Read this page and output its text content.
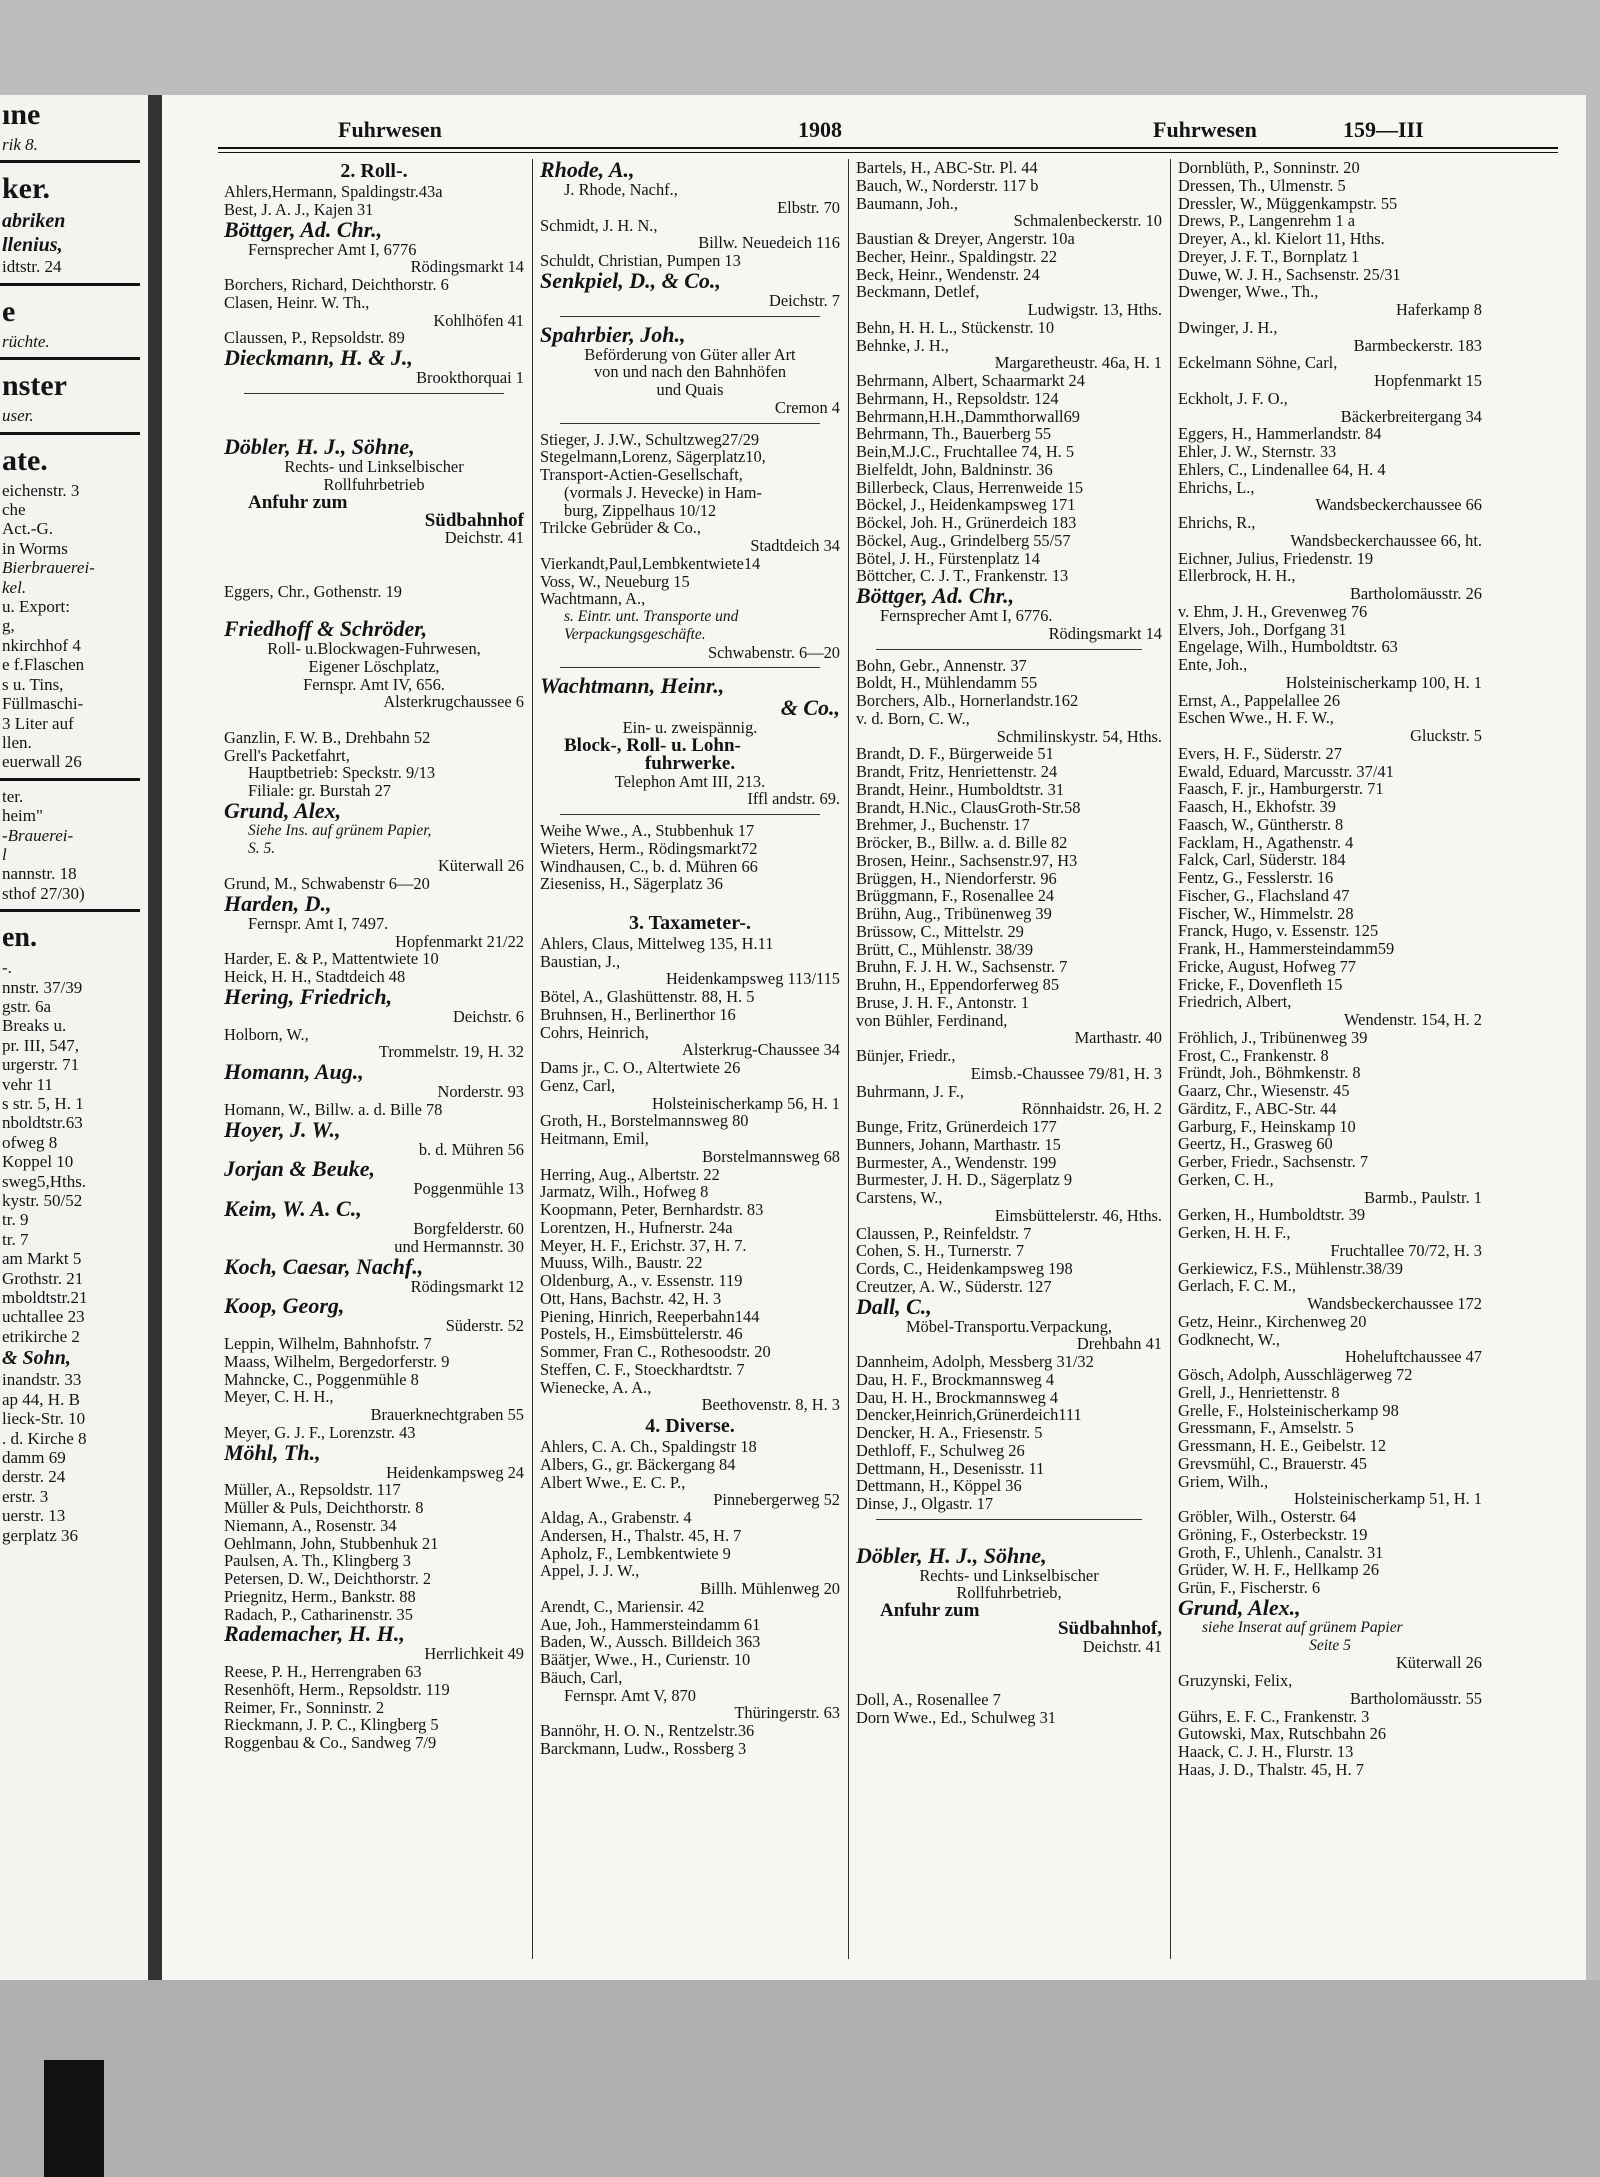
ıne
rik 8.
ker.
abriken
llenius,
idtstr. 24
e
rüchte.
nster
user.
ate.
eichenstr. 3
che
Act.-G.
in Worms
Bierbrauerei-
kel.
u. Export:
g,
nkirchhof 4
e f.Flaschen
s u. Tins,
Füllmaschi-
3 Liter auf
llen.
euerwall 26
ter.
heim"
-Brauerei-
l
nannstr. 18
sthof 27/30)
en.
-.
nnstr. 37/39
gstr. 6a
Breaks u.
pr. III, 547,
urgerstr. 71
vehr 11
s str. 5, H. 1
nboldtstr.63
ofweg 8
Koppel 10
sweg5,Hths.
kystr. 50/52
tr. 9
tr. 7
am Markt 5
Grothstr. 21
mboldtstr.21
uchtallee 23
etrikirche 2
& Sohn,
inandstr. 33
ap 44, H. B
lieck-Str. 10
. d. Kirche 8
damm 69
derstr. 24
erstr. 3
uerstr. 13
gerplatz 36
Fuhrwesen	1908	Fuhrwesen	159—III
2. Roll-.
Ahlers,Hermann, Spaldingstr.43a
Best, J. A. J., Kajen 31
Böttger, Ad. Chr.,
Fernsprecher Amt I, 6776
Rödingsmarkt 14
Borchers, Richard, Deichthorstr. 6
Clasen, Heinr. W. Th.,
Kohlhöfen 41
Claussen, P., Repsoldstr. 89
Dieckmann, H. & J.,
Brookthorquai 1

Döbler, H. J., Söhne,
Rechts- und Linkselbischer
Rollfuhrbetrieb
Anfuhr zum
Südbahnhof
Deichstr. 41

Eggers, Chr., Gothenstr. 19

Friedhoff & Schröder,
Roll- u.Blockwagen-Fuhrwesen,
Eigener Löschplatz,
Fernspr. Amt IV, 656.
Alsterkrugchaussee 6

Ganzlin, F. W. B., Drehbahn 52
Grell's Packetfahrt,
Hauptbetrieb: Speckstr. 9/13
Filiale: gr. Burstah 27
Grund, Alex,
Siehe Ins. auf grünem Papier,
S. 5.
Küterwall 26
Grund, M., Schwabenstr 6—20
Harden, D.,
Fernspr. Amt I, 7497.
Hopfenmarkt 21/22
Harder, E. & P., Mattentwiete 10
Heick, H. H., Stadtdeich 48
Hering, Friedrich,
Deichstr. 6
Holborn, W.,
Trommelstr. 19, H. 32
Homann, Aug.,
Norderstr. 93
Homann, W., Billw. a. d. Bille 78
Hoyer, J. W.,
b. d. Mühren 56
Jorjan & Beuke,
Poggenmühle 13
Keim, W. A. C.,
Borgfelderstr. 60
und Hermannstr. 30
Koch, Caesar, Nachf.,
Rödingsmarkt 12
Koop, Georg,
Süderstr. 52
Leppin, Wilhelm, Bahnhofstr. 7
Maass, Wilhelm, Bergedorferstr. 9
Mahncke, C., Poggenmühle 8
Meyer, C. H. H.,
Brauerknechtgraben 55
Meyer, G. J. F., Lorenzstr. 43
Möhl, Th.,
Heidenkampsweg 24
Müller, A., Repsoldstr. 117
Müller & Puls, Deichthorstr. 8
Niemann, A., Rosenstr. 34
Oehlmann, John, Stubbenhuk 21
Paulsen, A. Th., Klingberg 3
Petersen, D. W., Deichthorstr. 2
Priegnitz, Herm., Bankstr. 88
Radach, P., Catharinenstr. 35
Rademacher, H. H.,
Herrlichkeit 49
Reese, P. H., Herrengraben 63
Resenhöft, Herm., Repsoldstr. 119
Reimer, Fr., Sonninstr. 2
Rieckmann, J. P. C., Klingberg 5
Roggenbau & Co., Sandweg 7/9
Rhode, A.,
J. Rhode, Nachf.,
Elbstr. 70
Schmidt, J. H. N.,
Billw. Neuedeich 116
Schuldt, Christian, Pumpen 13
Senkpiel, D., & Co.,
Deichstr. 7
Spahrbier, Joh.,
Beförderung von Güter aller Art
von und nach den Bahnhöfen
und Quais
Cremon 4
Stieger, J. J.W., Schultzweg27/29
Stegelmann,Lorenz, Sägerplatz10,
Transport-Actien-Gesellschaft,
(vormals J. Hevecke) in Ham-
burg, Zippelhaus 10/12
Trilcke Gebrüder & Co.,
Stadtdeich 34
Vierkandt,Paul,Lembkentwiete14
Voss, W., Neueburg 15
Wachtmann, A.,
s. Eintr. unt. Transporte und
Verpackungsgeschäfte.
Schwabenstr. 6—20
Wachtmann, Heinr.,
& Co.,
Ein- u. zweispännig.
Block-, Roll- u. Lohn-
fuhrwerke.
Telephon Amt III, 213.
Iffl andstr. 69.
Weihe Wwe., A., Stubbenhuk 17
Wieters, Herm., Rödingsmarkt72
Windhausen, C., b. d. Mühren 66
Zieseniss, H., Sägerplatz 36

3. Taxameter-.
Ahlers, Claus, Mittelweg 135, H.11
Baustian, J.,
Heidenkampsweg 113/115
Bötel, A., Glashüttenstr. 88, H. 5
Bruhnsen, H., Berlinerthor 16
Cohrs, Heinrich,
Alsterkrug-Chaussee 34
Dams jr., C. O., Altertwiete 26
Genz, Carl,
Holsteinischerkamp 56, H. 1
Groth, H., Borstelmannsweg 80
Heitmann, Emil,
Borstelmannsweg 68
Herring, Aug., Albertstr. 22
Jarmatz, Wilh., Hofweg 8
Koopmann, Peter, Bernhardstr. 83
Lorentzen, H., Hufnerstr. 24a
Meyer, H. F., Erichstr. 37, H. 7.
Muuss, Wilh., Baustr. 22
Oldenburg, A., v. Essenstr. 119
Ott, Hans, Bachstr. 42, H. 3
Piening, Hinrich, Reeperbahn144
Postels, H., Eimsbüttelerstr. 46
Sommer, Fran C., Rothesoodstr. 20
Steffen, C. F., Stoeckhardtstr. 7
Wienecke, A. A.,
Beethovenstr. 8, H. 3
4. Diverse.
Ahlers, C. A. Ch., Spaldingstr 18
Albers, G., gr. Bäckergang 84
Albert Wwe., E. C. P.,
Pinnebergerweg 52
Aldag, A., Grabenstr. 4
Andersen, H., Thalstr. 45, H. 7
Apholz, F., Lembkentwiete 9
Appel, J. J. W.,
Billh. Mühlenweg 20
Arendt, C., Mariensir. 42
Aue, Joh., Hammersteindamm 61
Baden, W., Aussch. Billdeich 363
Bäätjer, Wwe., H., Curienstr. 10
Bäuch, Carl,
Fernspr. Amt V, 870
Thüringerstr. 63
Bannöhr, H. O. N., Rentzelstr.36
Barckmann, Ludw., Rossberg 3
Bartels, H., ABC-Str. Pl. 44
Bauch, W., Norderstr. 117 b
Baumann, Joh.,
Schmalenbeckerstr. 10
Baustian & Dreyer, Angerstr. 10a
Becher, Heinr., Spaldingstr. 22
Beck, Heinr., Wendenstr. 24
Beckmann, Detlef,
Ludwigstr. 13, Hths.
Behn, H. H. L., Stückenstr. 10
Behnke, J. H.,
Margaretheustr. 46a, H. 1
Behrmann, Albert, Schaarmarkt 24
Behrmann, H., Repsoldstr. 124
Behrmann,H.H.,Dammthorwall69
Behrmann, Th., Bauerberg 55
Bein,M.J.C., Fruchtallee 74, H. 5
Bielfeldt, John, Baldninstr. 36
Billerbeck, Claus, Herrenweide 15
Böckel, J., Heidenkampsweg 171
Böckel, Joh. H., Grünerdeich 183
Böckel, Aug., Grindelberg 55/57
Bötel, J. H., Fürstenplatz 14
Böttcher, C. J. T., Frankenstr. 13
Böttger, Ad. Chr.,
Fernsprecher Amt I, 6776.
Rödingsmarkt 14
Bohn, Gebr., Annenstr. 37
Boldt, H., Mühlendamm 55
Borchers, Alb., Hornerlandstr.162
v. d. Born, C. W.,
Schmilinskystr. 54, Hths.
Brandt, D. F., Bürgerweide 51
Brandt, Fritz, Henriettenstr. 24
Brandt, Heinr., Humboldtstr. 31
Brandt, H.Nic., ClausGroth-Str.58
Brehmer, J., Buchenstr. 17
Bröcker, B., Billw. a. d. Bille 82
Brosen, Heinr., Sachsenstr.97, H3
Brüggen, H., Niendorferstr. 96
Brüggmann, F., Rosenallee 24
Brühn, Aug., Tribünenweg 39
Brüssow, C., Mittelstr. 29
Brütt, C., Mühlenstr. 38/39
Bruhn, F. J. H. W., Sachsenstr. 7
Bruhn, H., Eppendorferweg 85
Bruse, J. H. F., Antonstr. 1
von Bühler, Ferdinand,
Marthastr. 40
Bünjer, Friedr.,
Eimsb.-Chaussee 79/81, H. 3
Buhrmann, J. F.,
Rönnhaidstr. 26, H. 2
Bunge, Fritz, Grünerdeich 177
Bunners, Johann, Marthastr. 15
Burmester, A., Wendenstr. 199
Burmester, J. H. D., Sägerplatz 9
Carstens, W.,
Eimsbüttelerstr. 46, Hths.
Claussen, P., Reinfeldstr. 7
Cohen, S. H., Turnerstr. 7
Cords, C., Heidenkampsweg 198
Creutzer, A. W., Süderstr. 127
Dall, C.,
Möbel-Transportu.Verpackung,
Drehbahn 41
Dannheim, Adolph, Messberg 31/32
Dau, H. F., Brockmannsweg 4
Dau, H. H., Brockmannsweg 4
Dencker,Heinrich,Grünerdeich111
Dencker, H. A., Friesenstr. 5
Dethloff, F., Schulweg 26
Dettmann, H., Desenisstr. 11
Dettmann, H., Köppel 36
Dinse, J., Olgastr. 17

Döbler, H. J., Söhne,
Rechts- und Linkselbischer
Rollfuhrbetrieb,
Anfuhr zum
Südbahnhof,
Deichstr. 41

Doll, A., Rosenallee 7
Dorn Wwe., Ed., Schulweg 31
Dornblüth, P., Sonninstr. 20
Dressen, Th., Ulmenstr. 5
Dressler, W., Müggenkampstr. 55
Drews, P., Langenrehm 1 a
Dreyer, A., kl. Kielort 11, Hths.
Dreyer, J. F. T., Bornplatz 1
Duwe, W. J. H., Sachsenstr. 25/31
Dwenger, Wwe., Th.,
Haferkamp 8
Dwinger, J. H.,
Barmbeckerstr. 183
Eckelmann Söhne, Carl,
Hopfenmarkt 15
Eckholt, J. F. O.,
Bäckerbreitergang 34
Eggers, H., Hammerlandstr. 84
Ehler, J. W., Sternstr. 33
Ehlers, C., Lindenallee 64, H. 4
Ehrichs, L.,
Wandsbeckerchaussee 66
Ehrichs, R.,
Wandsbeckerchaussee 66, ht.
Eichner, Julius, Friedenstr. 19
Ellerbrock, H. H.,
Bartholomäusstr. 26
v. Ehm, J. H., Grevenweg 76
Elvers, Joh., Dorfgang 31
Engelage, Wilh., Humboldtstr. 63
Ente, Joh.,
Holsteinischerkamp 100, H. 1
Ernst, A., Pappelallee 26
Eschen Wwe., H. F. W.,
Gluckstr. 5
Evers, H. F., Süderstr. 27
Ewald, Eduard, Marcusstr. 37/41
Faasch, F. jr., Hamburgerstr. 71
Faasch, H., Ekhofstr. 39
Faasch, W., Güntherstr. 8
Facklam, H., Agathenstr. 4
Falck, Carl, Süderstr. 184
Fentz, G., Fesslerstr. 16
Fischer, G., Flachsland 47
Fischer, W., Himmelstr. 28
Franck, Hugo, v. Essenstr. 125
Frank, H., Hammersteindamm59
Fricke, August, Hofweg 77
Fricke, F., Dovenfleth 15
Friedrich, Albert,
Wendenstr. 154, H. 2
Fröhlich, J., Tribünenweg 39
Frost, C., Frankenstr. 8
Fründt, Joh., Böhmkenstr. 8
Gaarz, Chr., Wiesenstr. 45
Gärditz, F., ABC-Str. 44
Garburg, F., Heinskamp 10
Geertz, H., Grasweg 60
Gerber, Friedr., Sachsenstr. 7
Gerken, C. H.,
Barmb., Paulstr. 1
Gerken, H., Humboldtstr. 39
Gerken, H. H. F.,
Fruchtallee 70/72, H. 3
Gerkiewicz, F.S., Mühlenstr.38/39
Gerlach, F. C. M.,
Wandsbeckerchaussee 172
Getz, Heinr., Kirchenweg 20
Godknecht, W.,
Hoheluftchaussee 47
Gösch, Adolph, Ausschlägerweg 72
Grell, J., Henriettenstr. 8
Grelle, F., Holsteinischerkamp 98
Gressmann, F., Amselstr. 5
Gressmann, H. E., Geibelstr. 12
Grevsmühl, C., Brauerstr. 45
Griem, Wilh.,
Holsteinischerkamp 51, H. 1
Gröbler, Wilh., Osterstr. 64
Gröning, F., Osterbeckstr. 19
Groth, F., Uhlenh., Canalstr. 31
Grüder, W. H. F., Hellkamp 26
Grün, F., Fischerstr. 6
Grund, Alex.,
siehe Inserat auf grünem Papier
Seite 5
Küterwall 26
Gruzynski, Felix,
Bartholomäusstr. 55
Gührs, E. F. C., Frankenstr. 3
Gutowski, Max, Rutschbahn 26
Haack, C. J. H., Flurstr. 13
Haas, J. D., Thalstr. 45, H. 7
